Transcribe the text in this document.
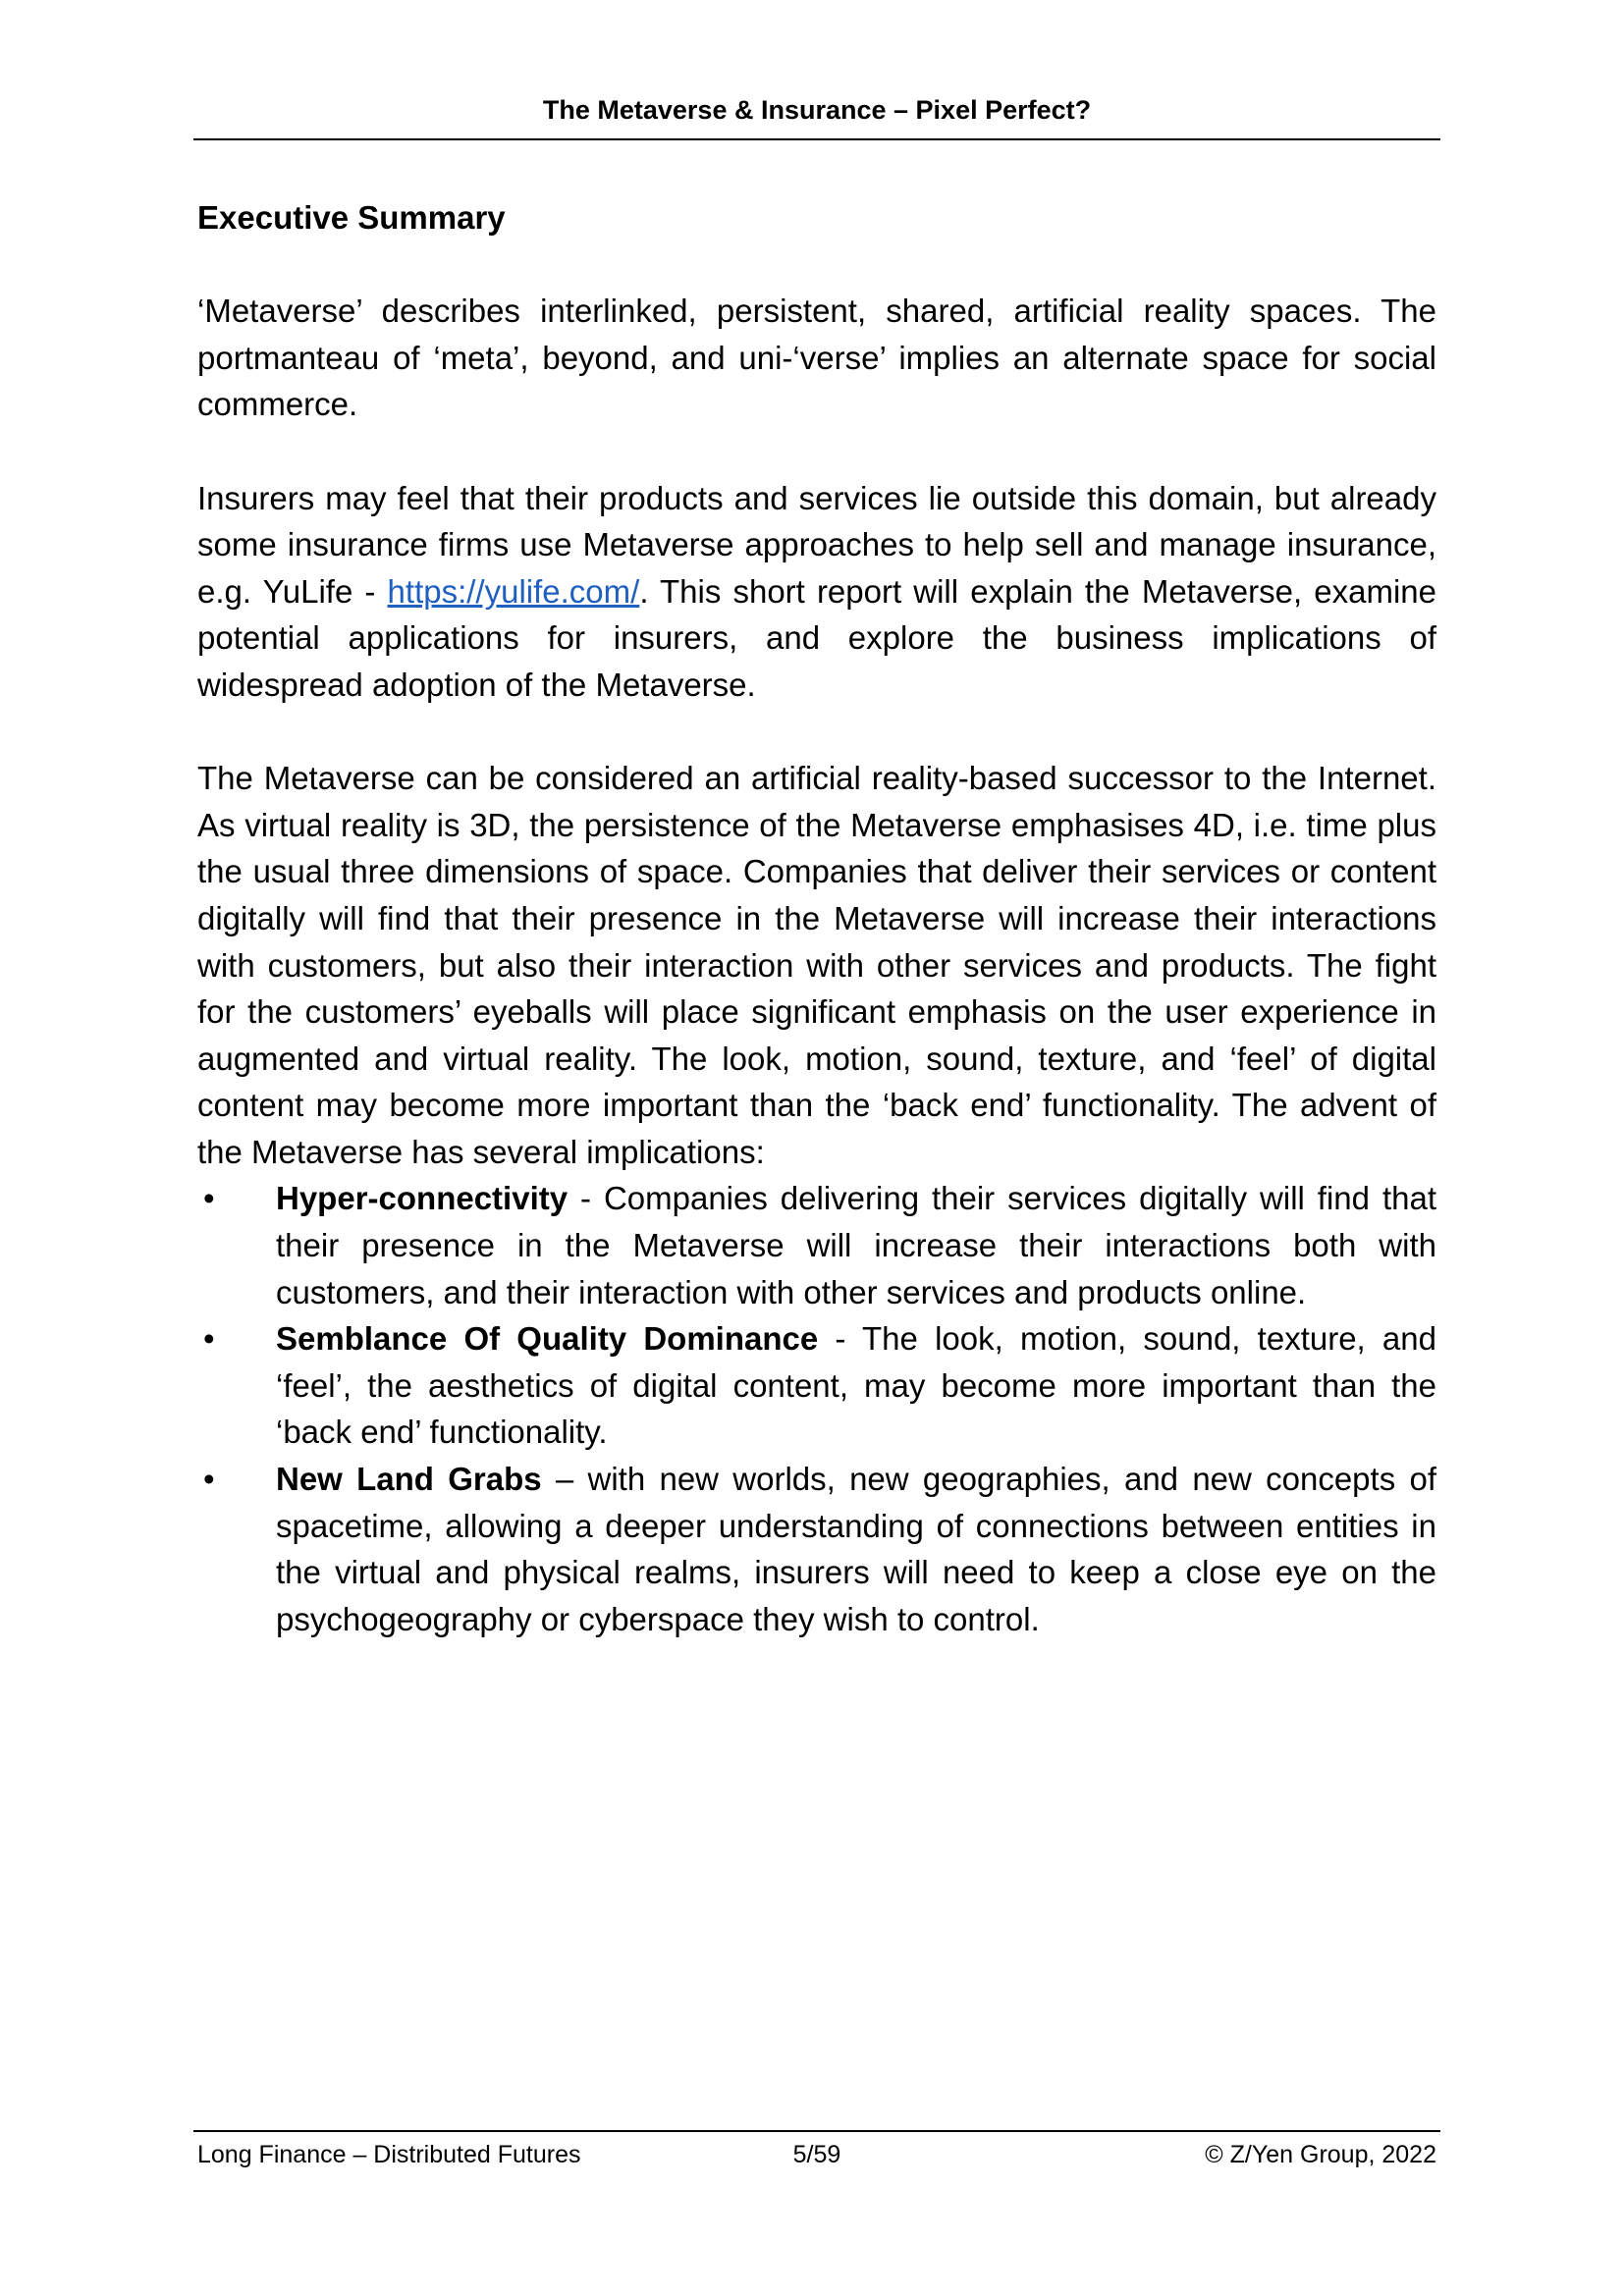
The Metaverse & Insurance – Pixel Perfect?
Executive Summary

‘Metaverse’ describes interlinked, persistent, shared, artificial reality spaces. The portmanteau of ‘meta’, beyond, and uni-‘verse’ implies an alternate space for social commerce.

Insurers may feel that their products and services lie outside this domain, but already some insurance firms use Metaverse approaches to help sell and manage insurance, e.g. YuLife - https://yulife.com/. This short report will explain the Metaverse, examine potential applications for insurers, and explore the business implications of widespread adoption of the Metaverse.

The Metaverse can be considered an artificial reality-based successor to the Internet. As virtual reality is 3D, the persistence of the Metaverse emphasises 4D, i.e. time plus the usual three dimensions of space. Companies that deliver their services or content digitally will find that their presence in the Metaverse will increase their interactions with customers, but also their interaction with other services and products. The fight for the customers’ eyeballs will place significant emphasis on the user experience in augmented and virtual reality. The look, motion, sound, texture, and ‘feel’ of digital content may become more important than the ‘back end’ functionality. The advent of the Metaverse has several implications:

• Hyper-connectivity - Companies delivering their services digitally will find that their presence in the Metaverse will increase their interactions both with customers, and their interaction with other services and products online.
• Semblance Of Quality Dominance - The look, motion, sound, texture, and ‘feel’, the aesthetics of digital content, may become more important than the ‘back end’ functionality.
• New Land Grabs – with new worlds, new geographies, and new concepts of spacetime, allowing a deeper understanding of connections between entities in the virtual and physical realms, insurers will need to keep a close eye on the psychogeography or cyberspace they wish to control.
5/59
Long Finance – Distributed Futures	© Z/Yen Group, 2022
